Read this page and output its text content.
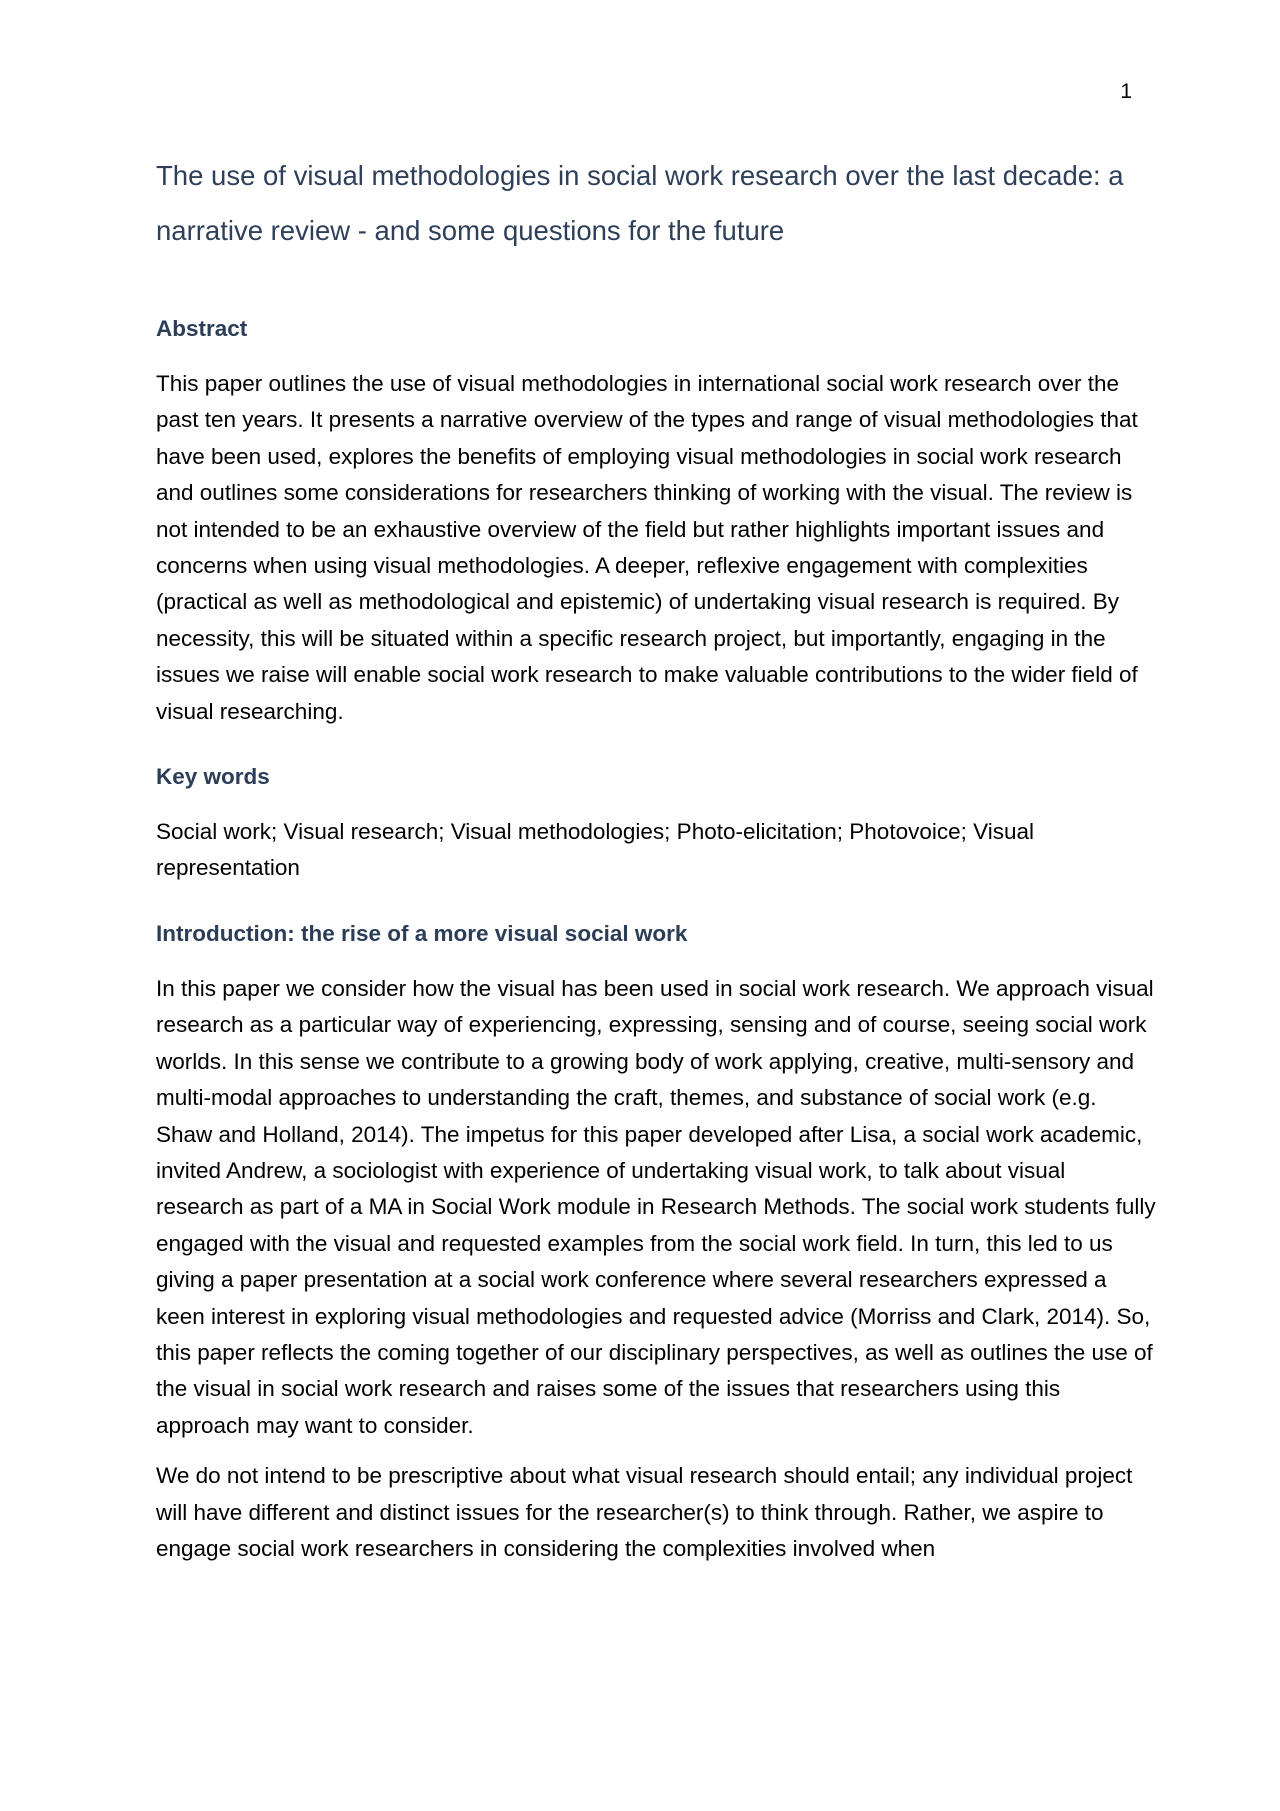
1
The use of visual methodologies in social work research over the last decade: a narrative review - and some questions for the future
Abstract

This paper outlines the use of visual methodologies in international social work research over the past ten years. It presents a narrative overview of the types and range of visual methodologies that have been used, explores the benefits of employing visual methodologies in social work research and outlines some considerations for researchers thinking of working with the visual. The review is not intended to be an exhaustive overview of the field but rather highlights important issues and concerns when using visual methodologies. A deeper, reflexive engagement with complexities (practical as well as methodological and epistemic) of undertaking visual research is required. By necessity, this will be situated within a specific research project, but importantly, engaging in the issues we raise will enable social work research to make valuable contributions to the wider field of visual researching.

Key words

Social work; Visual research; Visual methodologies; Photo-elicitation; Photovoice; Visual representation

Introduction: the rise of a more visual social work

In this paper we consider how the visual has been used in social work research. We approach visual research as a particular way of experiencing, expressing, sensing and of course, seeing social work worlds. In this sense we contribute to a growing body of work applying, creative, multi-sensory and multi-modal approaches to understanding the craft, themes, and substance of social work (e.g. Shaw and Holland, 2014). The impetus for this paper developed after Lisa, a social work academic, invited Andrew, a sociologist with experience of undertaking visual work, to talk about visual research as part of a MA in Social Work module in Research Methods. The social work students fully engaged with the visual and requested examples from the social work field. In turn, this led to us giving a paper presentation at a social work conference where several researchers expressed a keen interest in exploring visual methodologies and requested advice (Morriss and Clark, 2014). So, this paper reflects the coming together of our disciplinary perspectives, as well as outlines the use of the visual in social work research and raises some of the issues that researchers using this approach may want to consider.

We do not intend to be prescriptive about what visual research should entail; any individual project will have different and distinct issues for the researcher(s) to think through. Rather, we aspire to engage social work researchers in considering the complexities involved when
